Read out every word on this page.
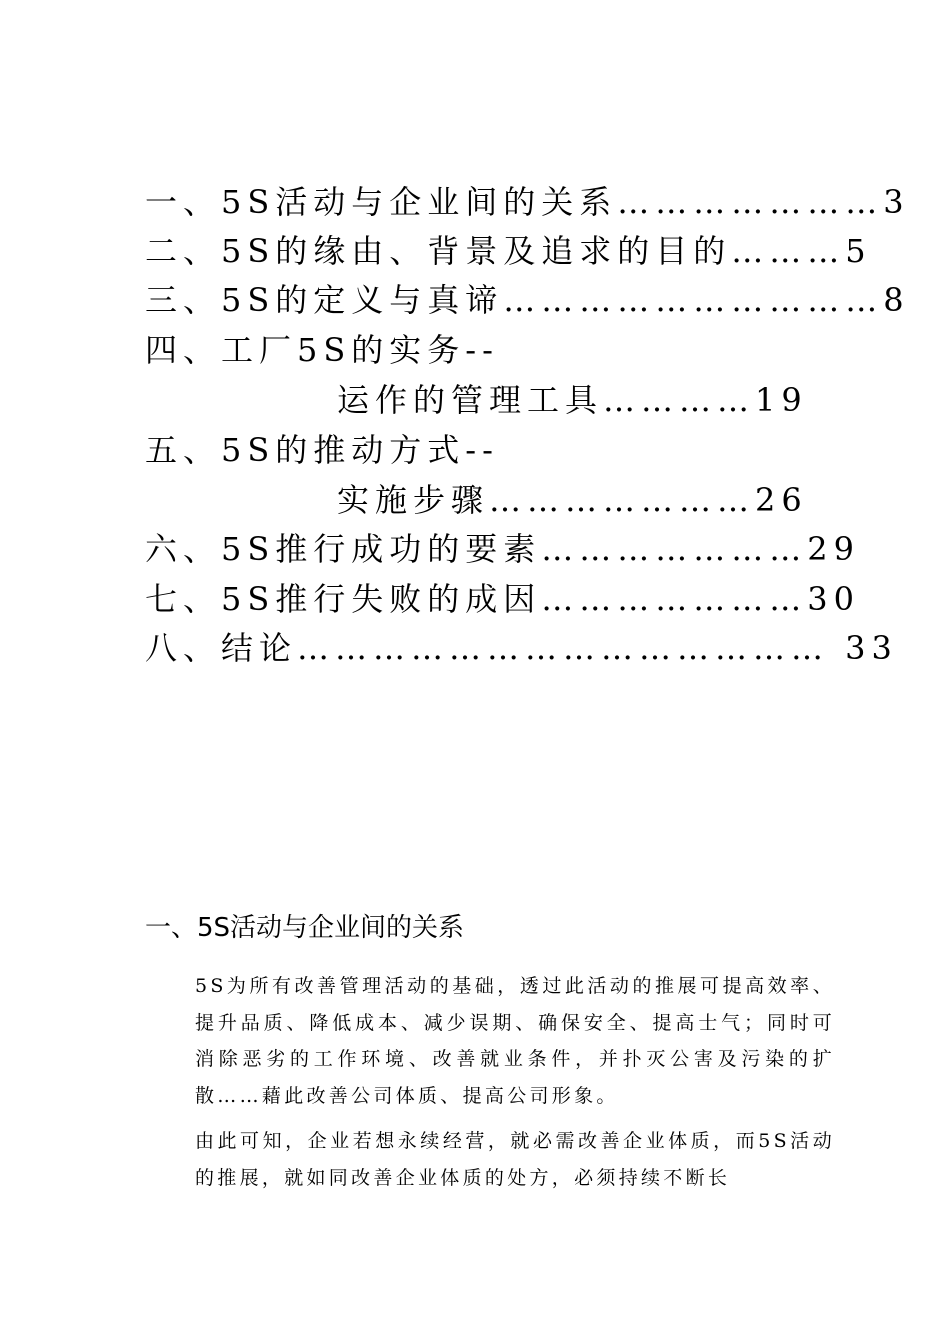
一、5S活动与企业间的关系…………………3
二、5S的缘由、背景及追求的目的………5
三、5S的定义与真谛…………………………8
四、工厂5S的实务--
运作的管理工具…………19
五、5S的推动方式--
实施步骤…………………26
六、5S推行成功的要素…………………29
七、5S推行失败的成因…………………30
八、结论…………………………………… 33
一、5S活动与企业间的关系
5S为所有改善管理活动的基础，透过此活动的推展可提高效率、提升品质、降低成本、减少误期、确保安全、提高士气；同时可消除恶劣的工作环境、改善就业条件，并扑灭公害及污染的扩散……藉此改善公司体质、提高公司形象。
由此可知，企业若想永续经营，就必需改善企业体质，而5S活动的推展，就如同改善企业体质的处方，必须持续不断长
